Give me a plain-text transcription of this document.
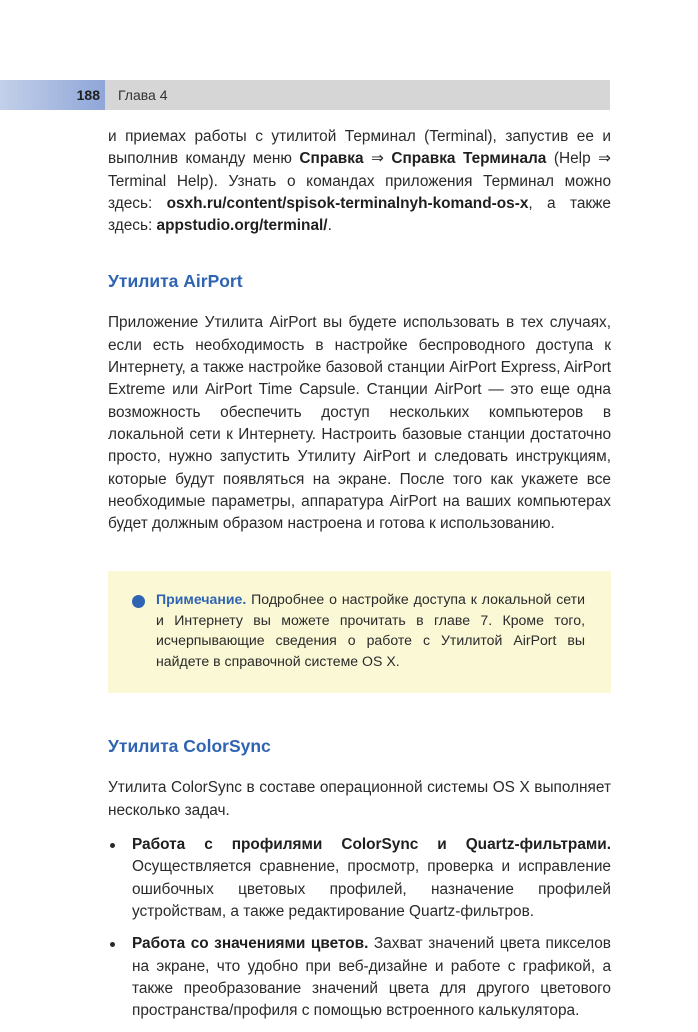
188 Глава 4

и приемах работы с утилитой Терминал (Terminal), запустив ее и выполнив команду меню Справка ⇒ Справка Терминала (Help ⇒ Terminal Help). Узнать о командах приложения Терминал можно здесь: osxh.ru/content/spisok-terminalnyh-komand-os-x, а также здесь: appstudio.org/terminal/.

Утилита AirPort

Приложение Утилита AirPort вы будете использовать в тех случаях, если есть необходимость в настройке беспроводного доступа к Интернету, а также настройке базовой станции AirPort Express, AirPort Extreme или AirPort Time Capsule. Станции AirPort — это еще одна возможность обеспечить доступ нескольких компьютеров в локальной сети к Интернету. Настроить базовые станции достаточно просто, нужно запустить Утилиту AirPort и следовать инструкциям, которые будут появляться на экране. После того как укажете все необходимые параметры, аппаратура AirPort на ваших компьютерах будет должным образом настроена и готова к использованию.

Примечание. Подробнее о настройке доступа к локальной сети и Интернету вы можете прочитать в главе 7. Кроме того, исчерпывающие сведения о работе с Утилитой AirPort вы найдете в справочной системе OS X.

Утилита ColorSync

Утилита ColorSync в составе операционной системы OS X выполняет несколько задач.

Работа с профилями ColorSync и Quartz-фильтрами. Осуществляется сравнение, просмотр, проверка и исправление ошибочных цветовых профилей, назначение профилей устройствам, а также редактирование Quartz-фильтров.

Работа со значениями цветов. Захват значений цвета пикселов на экране, что удобно при веб-дизайне и работе с графикой, а также преобразование значений цвета для другого цветового пространства/профиля с помощью встроенного калькулятора.
